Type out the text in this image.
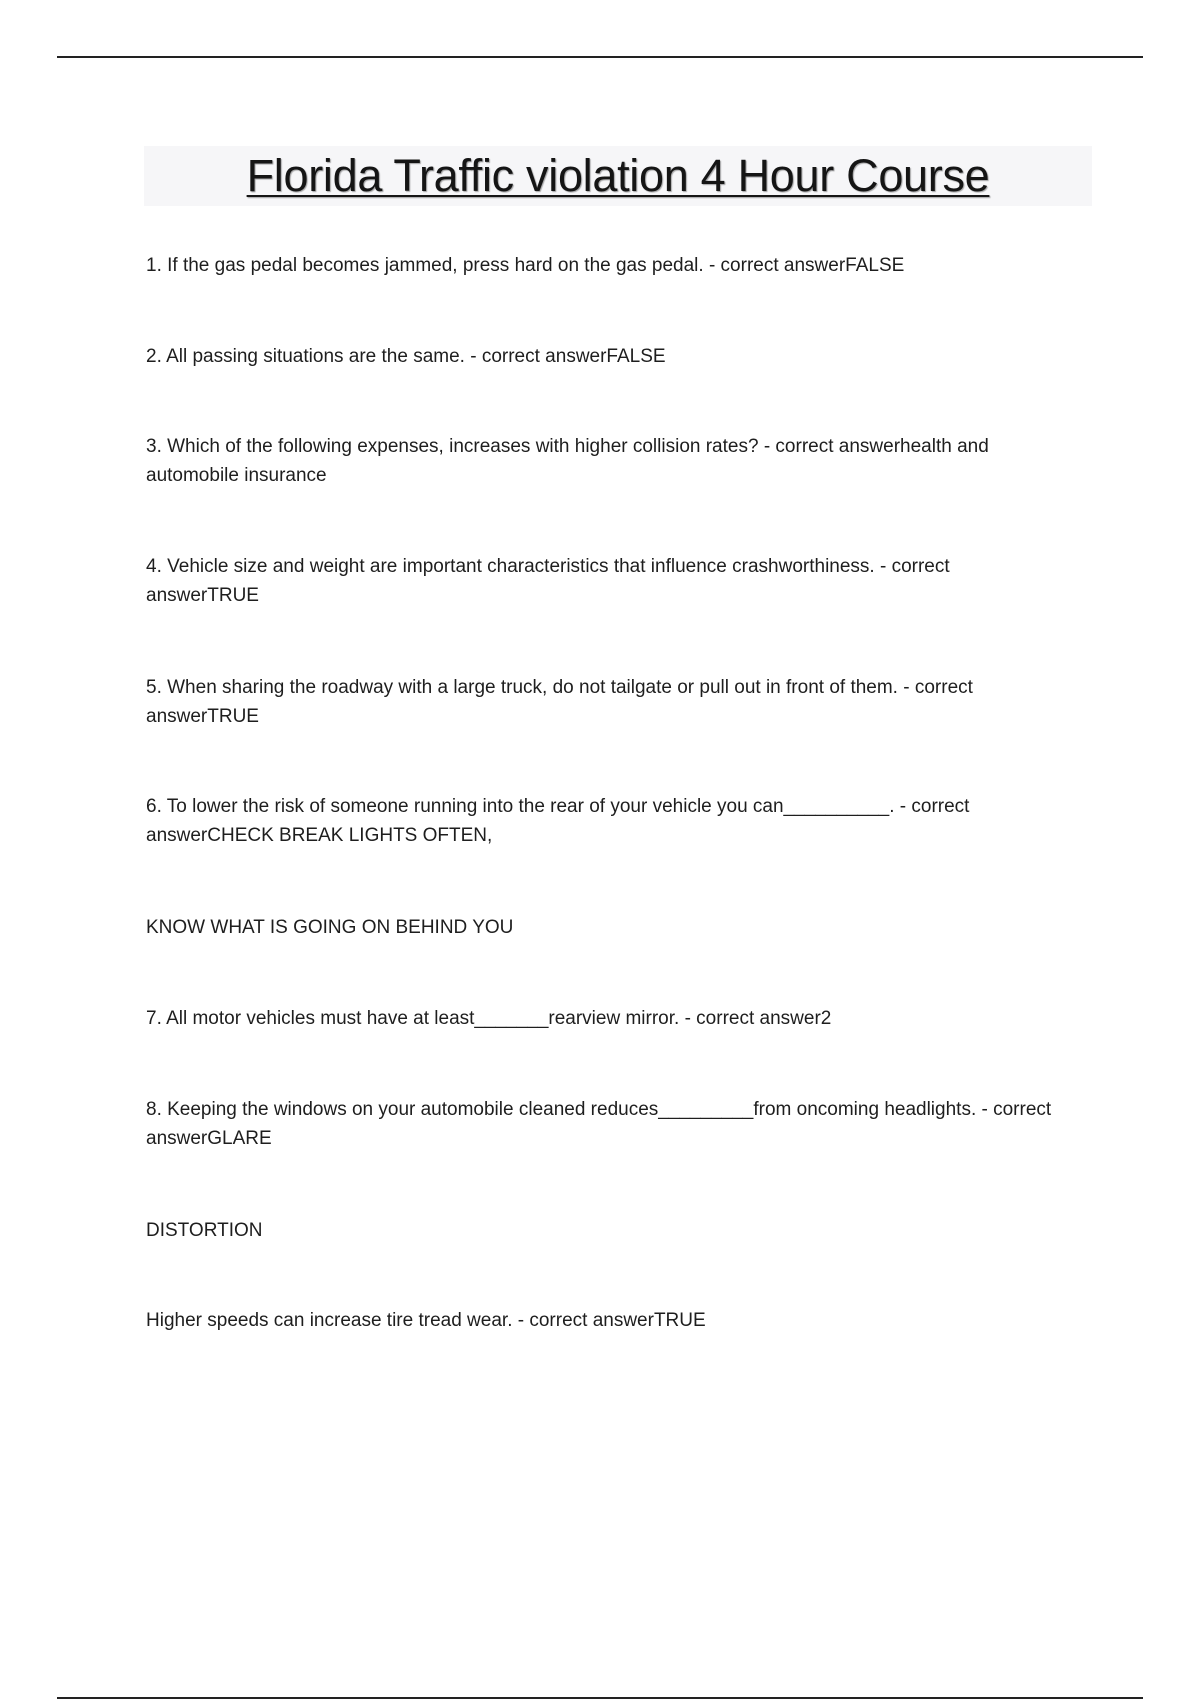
Florida Traffic violation 4 Hour Course

1. If the gas pedal becomes jammed, press hard on the gas pedal. - correct answerFALSE

2. All passing situations are the same. - correct answerFALSE

3. Which of the following expenses, increases with higher collision rates? - correct answerhealth and automobile insurance

4. Vehicle size and weight are important characteristics that influence crashworthiness. - correct answerTRUE

5. When sharing the roadway with a large truck, do not tailgate or pull out in front of them. - correct answerTRUE

6. To lower the risk of someone running into the rear of your vehicle you can__________. - correct answerCHECK BREAK LIGHTS OFTEN,

KNOW WHAT IS GOING ON BEHIND YOU

7. All motor vehicles must have at least_______rearview mirror. - correct answer2

8. Keeping the windows on your automobile cleaned reduces_________from oncoming headlights. - correct answerGLARE

DISTORTION

Higher speeds can increase tire tread wear. - correct answerTRUE
